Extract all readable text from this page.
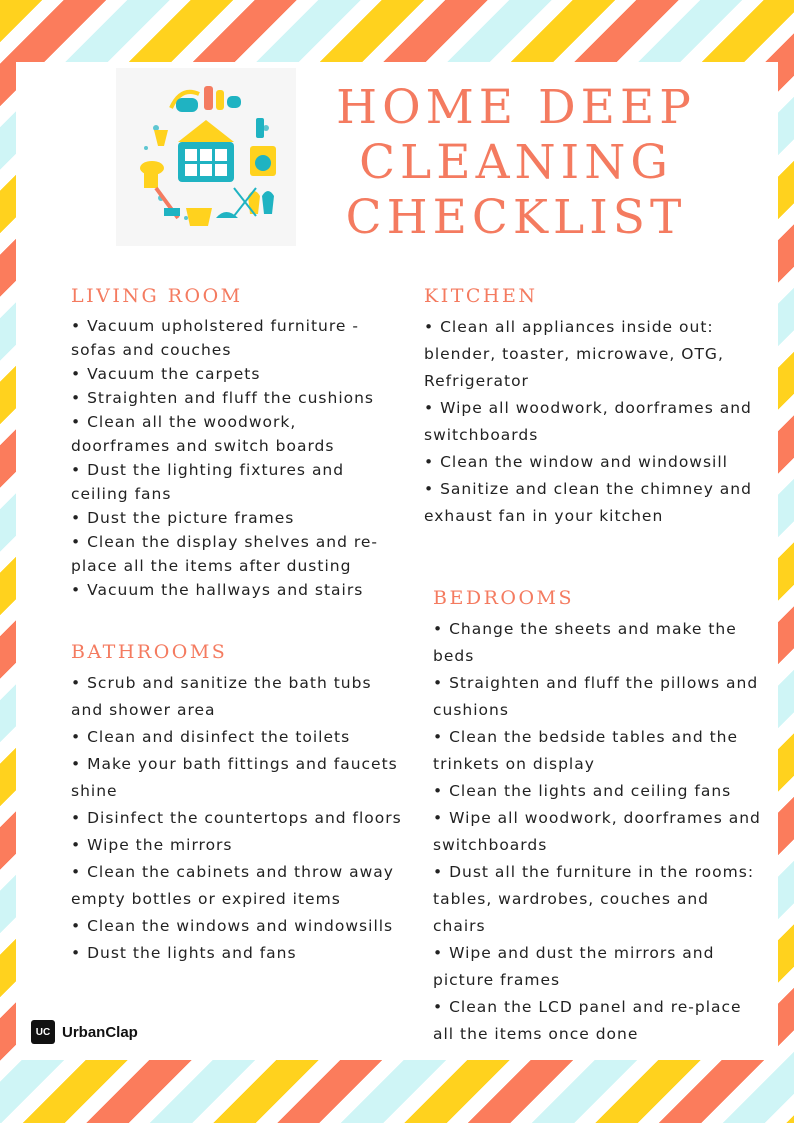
HOME DEEP
CLEANING
CHECKLIST
LIVING ROOM
• Vacuum upholstered furniture - sofas and couches
• Vacuum the carpets
• Straighten and fluff the cushions
• Clean all the woodwork, doorframes and switch boards
• Dust the lighting fixtures and ceiling fans
• Dust the picture frames
• Clean the display shelves and re-place all the items after dusting
• Vacuum the hallways and stairs
KITCHEN
• Clean all appliances inside out: blender, toaster, microwave, OTG, Refrigerator
• Wipe all woodwork, doorframes and switchboards
• Clean the window and windowsill
• Sanitize and clean the chimney and exhaust fan in your kitchen
BATHROOMS
• Scrub and sanitize the bath tubs and shower area
• Clean and disinfect the toilets
• Make your bath fittings and faucets shine
• Disinfect the countertops and floors
• Wipe the mirrors
• Clean the cabinets and throw away empty bottles or expired items
• Clean the windows and windowsills
• Dust the lights and fans
BEDROOMS
• Change the sheets and make the beds
• Straighten and fluff the pillows and cushions
• Clean the bedside tables and the trinkets on display
• Clean the lights and ceiling fans
• Wipe all woodwork, doorframes and switchboards
• Dust all the furniture in the rooms: tables, wardrobes, couches and chairs
• Wipe and dust the mirrors and picture frames
• Clean the LCD panel and re-place all the items once done
UC UrbanClap
